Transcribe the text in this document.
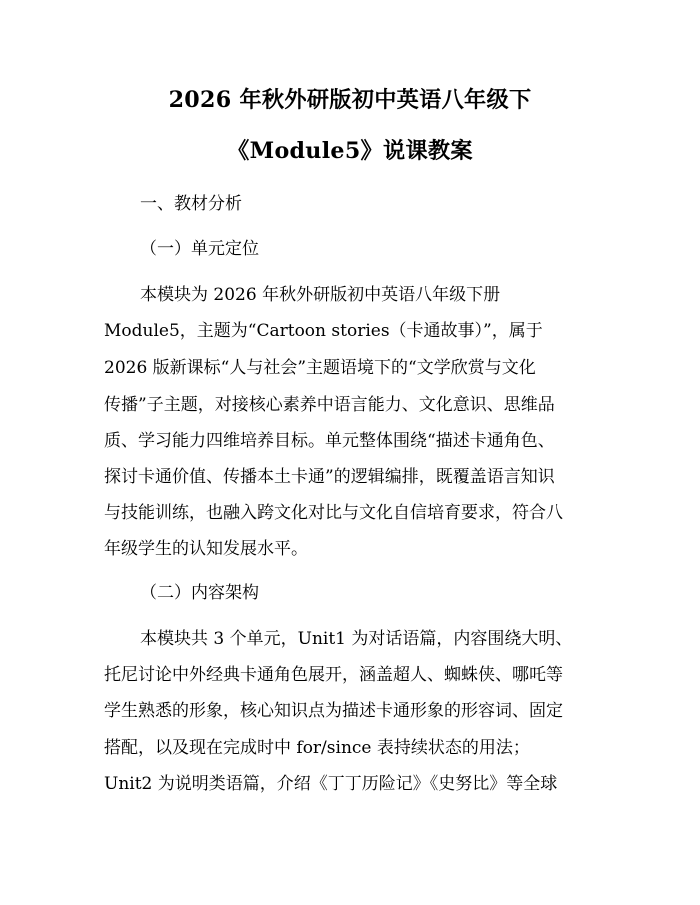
2026 年秋外研版初中英语八年级下
《Module5》说课教案
一、教材分析
（一）单元定位
本模块为 2026 年秋外研版初中英语八年级下册
Module5，主题为“Cartoon stories（卡通故事）”，属于
2026 版新课标“人与社会”主题语境下的“文学欣赏与文化
传播”子主题，对接核心素养中语言能力、文化意识、思维品
质、学习能力四维培养目标。单元整体围绕“描述卡通角色、
探讨卡通价值、传播本土卡通”的逻辑编排，既覆盖语言知识
与技能训练，也融入跨文化对比与文化自信培育要求，符合八
年级学生的认知发展水平。
（二）内容架构
本模块共 3 个单元，Unit1 为对话语篇，内容围绕大明、
托尼讨论中外经典卡通角色展开，涵盖超人、蜘蛛侠、哪吒等
学生熟悉的形象，核心知识点为描述卡通形象的形容词、固定
搭配，以及现在完成时中 for/since 表持续状态的用法；
Unit2 为说明类语篇，介绍《丁丁历险记》《史努比》等全球
